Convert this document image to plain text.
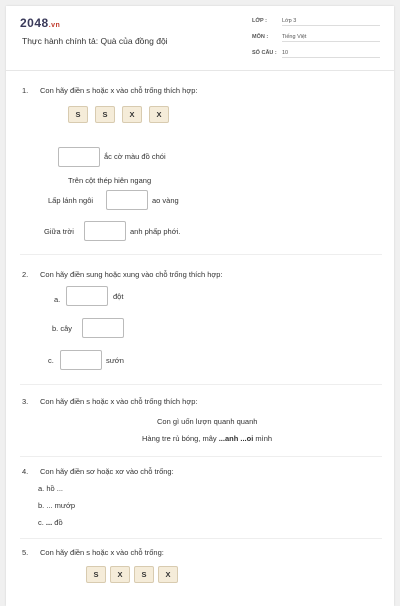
2048.vn
Thực hành chính tả: Quà của đồng đội
LỚP :	Lớp 3
MÔN :	Tiếng Việt
SỐ CÂU : 10
1. Con hãy điền s hoặc x vào chỗ trống thích hợp:
S	S	X	X
ắc cờ màu đồ chói
Trên cột thép hiên ngang
Lấp lánh ngôi	ao vàng
Giữa trời	anh phấp phới.
2. Con hãy điền sung hoặc xung vào chỗ trống thích hợp:
a.	đột
b. cây
c.	sướn
3. Con hãy điền s hoặc x vào chỗ trống thích hợp:
Con gì uốn lượn quanh quanh
Hàng tre rủ bóng, mây ...anh ...oi mình
4. Con hãy điền sơ hoặc xơ vào chỗ trống:
a. hồ ...
b. ... mướp
c. ... đồ
5. Con hãy điền s hoặc x vào chỗ trống:
S	X	S	X
